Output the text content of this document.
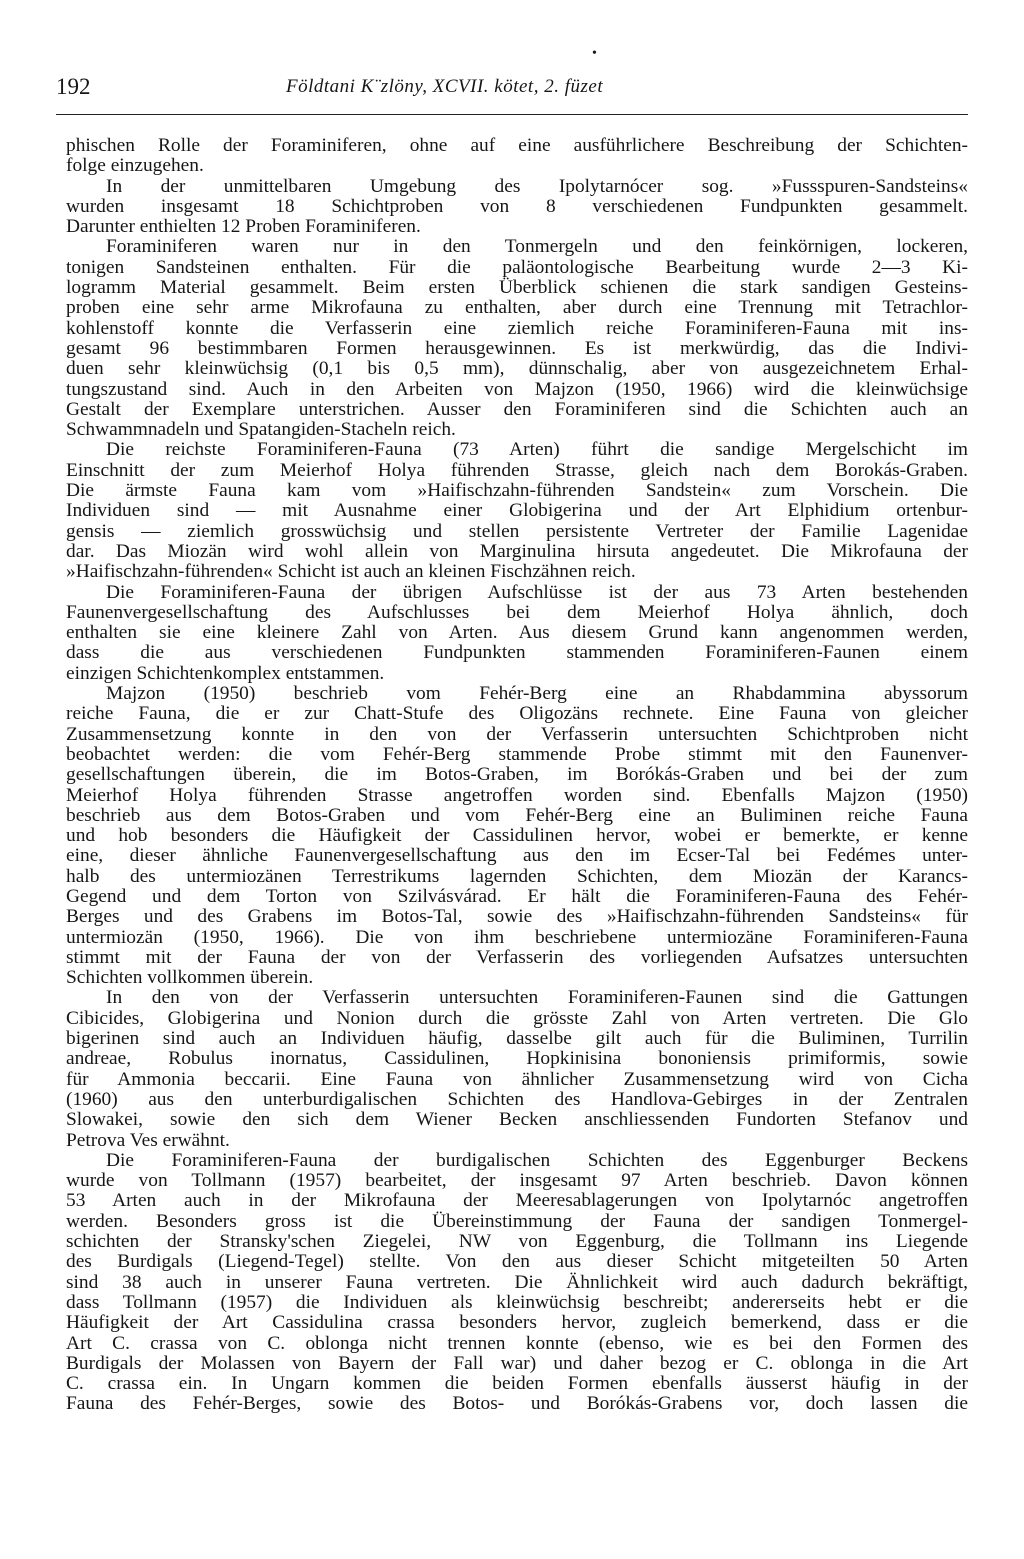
•
192	Földtani K¨zlöny, XCVII. kötet, 2. füzet
phischen Rolle der Foraminiferen, ohne auf eine ausführlichere Beschreibung der Schichten-
folge einzugehen.
In der unmittelbaren Umgebung des Ipolytarnócer sog. »Fussspuren-Sandsteins«
wurden insgesamt 18 Schichtproben von 8 verschiedenen Fundpunkten gesammelt.
Darunter enthielten 12 Proben Foraminiferen.
Foraminiferen waren nur in den Tonmergeln und den feinkörnigen, lockeren,
tonigen Sandsteinen enthalten. Für die paläontologische Bearbeitung wurde 2—3 Ki-
logramm Material gesammelt. Beim ersten Überblick schienen die stark sandigen Gesteins-
proben eine sehr arme Mikrofauna zu enthalten, aber durch eine Trennung mit Tetrachlor-
kohlenstoff konnte die Verfasserin eine ziemlich reiche Foraminiferen-Fauna mit ins-
gesamt 96 bestimmbaren Formen herausgewinnen. Es ist merkwürdig, das die Indivi-
duen sehr kleinwüchsig (0,1 bis 0,5 mm), dünnschalig, aber von ausgezeichnetem Erhal-
tungszustand sind. Auch in den Arbeiten von Majzon (1950, 1966) wird die kleinwüchsige
Gestalt der Exemplare unterstrichen. Ausser den Foraminiferen sind die Schichten auch an
Schwammnadeln und Spatangiden-Stacheln reich.
Die reichste Foraminiferen-Fauna (73 Arten) führt die sandige Mergelschicht im
Einschnitt der zum Meierhof Holya führenden Strasse, gleich nach dem Borokás-Graben.
Die ärmste Fauna kam vom »Haifischzahn-führenden Sandstein« zum Vorschein. Die
Individuen sind — mit Ausnahme einer Globigerina und der Art Elphidium ortenbur-
gensis — ziemlich grosswüchsig und stellen persistente Vertreter der Familie Lagenidae
dar. Das Miozän wird wohl allein von Marginulina hirsuta angedeutet. Die Mikrofauna der
»Haifischzahn-führenden« Schicht ist auch an kleinen Fischzähnen reich.
Die Foraminiferen-Fauna der übrigen Aufschlüsse ist der aus 73 Arten bestehenden
Faunenvergesellschaftung des Aufschlusses bei dem Meierhof Holya ähnlich, doch
enthalten sie eine kleinere Zahl von Arten. Aus diesem Grund kann angenommen werden,
dass die aus verschiedenen Fundpunkten stammenden Foraminiferen-Faunen einem
einzigen Schichtenkomplex entstammen.
Majzon (1950) beschrieb vom Fehér-Berg eine an Rhabdammina abyssorum
reiche Fauna, die er zur Chatt-Stufe des Oligozäns rechnete. Eine Fauna von gleicher
Zusammensetzung konnte in den von der Verfasserin untersuchten Schichtproben nicht
beobachtet werden: die vom Fehér-Berg stammende Probe stimmt mit den Faunenver-
gesellschaftungen überein, die im Botos-Graben, im Borókás-Graben und bei der zum
Meierhof Holya führenden Strasse angetroffen worden sind. Ebenfalls Majzon (1950)
beschrieb aus dem Botos-Graben und vom Fehér-Berg eine an Buliminen reiche Fauna
und hob besonders die Häufigkeit der Cassidulinen hervor, wobei er bemerkte, er kenne
eine, dieser ähnliche Faunenvergesellschaftung aus den im Ecser-Tal bei Fedémes unter-
halb des untermiozänen Terrestrikums lagernden Schichten, dem Miozän der Karancs-
Gegend und dem Torton von Szilvásvárad. Er hält die Foraminiferen-Fauna des Fehér-
Berges und des Grabens im Botos-Tal, sowie des »Haifischzahn-führenden Sandsteins« für
untermiozän (1950, 1966). Die von ihm beschriebene untermiozäne Foraminiferen-Fauna
stimmt mit der Fauna der von der Verfasserin des vorliegenden Aufsatzes untersuchten
Schichten vollkommen überein.
In den von der Verfasserin untersuchten Foraminiferen-Faunen sind die Gattungen
Cibicides, Globigerina und Nonion durch die grösste Zahl von Arten vertreten. Die Glo
bigerinen sind auch an Individuen häufig, dasselbe gilt auch für die Buliminen, Turrilin
andreae, Robulus inornatus, Cassidulinen, Hopkinisina bononiensis primiformis, sowie
für Ammonia beccarii. Eine Fauna von ähnlicher Zusammensetzung wird von Cicha
(1960) aus den unterburdigalischen Schichten des Handlova-Gebirges in der Zentralen
Slowakei, sowie den sich dem Wiener Becken anschliessenden Fundorten Stefanov und
Petrova Ves erwähnt.
Die Foraminiferen-Fauna der burdigalischen Schichten des Eggenburger Beckens
wurde von Tollmann (1957) bearbeitet, der insgesamt 97 Arten beschrieb. Davon können
53 Arten auch in der Mikrofauna der Meeresablagerungen von Ipolytarnóc angetroffen
werden. Besonders gross ist die Übereinstimmung der Fauna der sandigen Tonmergel-
schichten der Stransky'schen Ziegelei, NW von Eggenburg, die Tollmann ins Liegende
des Burdigals (Liegend-Tegel) stellte. Von den aus dieser Schicht mitgeteilten 50 Arten
sind 38 auch in unserer Fauna vertreten. Die Ähnlichkeit wird auch dadurch bekräftigt,
dass Tollmann (1957) die Individuen als kleinwüchsig beschreibt; andererseits hebt er die
Häufigkeit der Art Cassidulina crassa besonders hervor, zugleich bemerkend, dass er die
Art C. crassa von C. oblonga nicht trennen konnte (ebenso, wie es bei den Formen des
Burdigals der Molassen von Bayern der Fall war) und daher bezog er C. oblonga in die Art
C. crassa ein. In Ungarn kommen die beiden Formen ebenfalls äusserst häufig in der
Fauna des Fehér-Berges, sowie des Botos- und Borókás-Grabens vor, doch lassen die
